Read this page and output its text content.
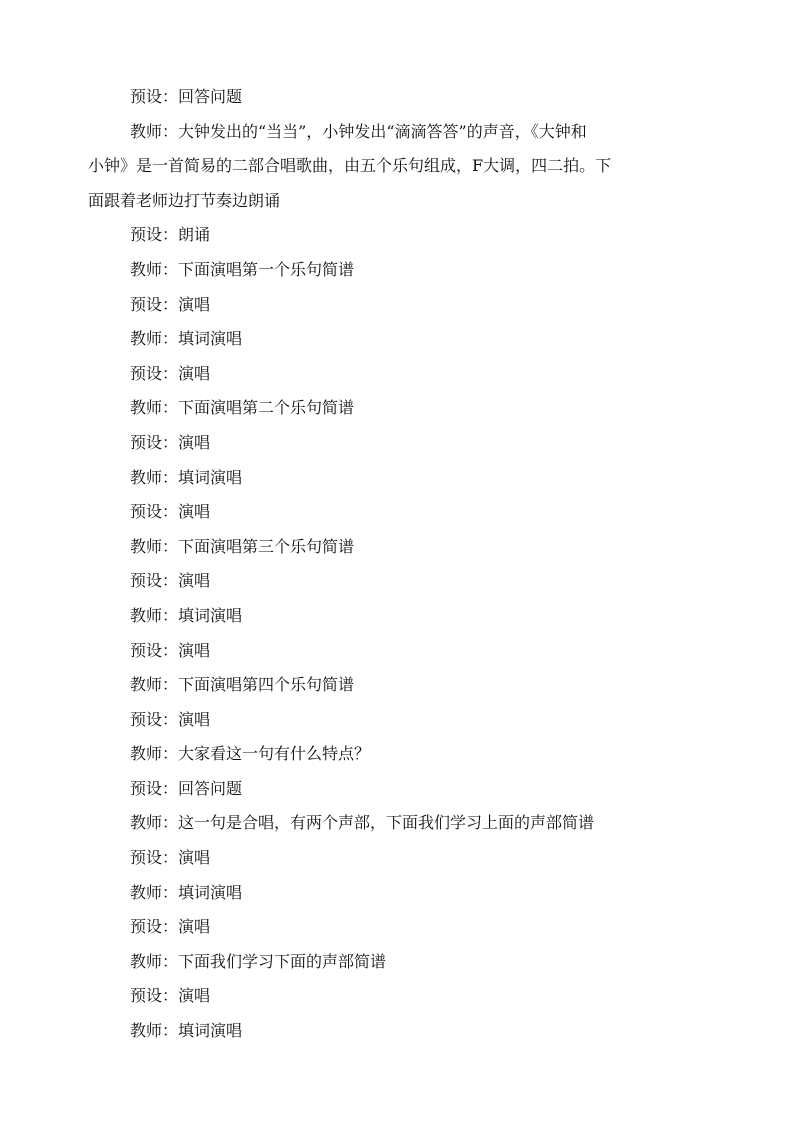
预设：回答问题
教师：大钟发出的“当当”，小钟发出“滴滴答答”的声音，《大钟和
小钟》是一首简易的二部合唱歌曲，由五个乐句组成，F大调，四二拍。下
面跟着老师边打节奏边朗诵
预设：朗诵
教师：下面演唱第一个乐句简谱
预设：演唱
教师：填词演唱
预设：演唱
教师：下面演唱第二个乐句简谱
预设：演唱
教师：填词演唱
预设：演唱
教师：下面演唱第三个乐句简谱
预设：演唱
教师：填词演唱
预设：演唱
教师：下面演唱第四个乐句简谱
预设：演唱
教师：大家看这一句有什么特点？
预设：回答问题
教师：这一句是合唱，有两个声部，下面我们学习上面的声部简谱
预设：演唱
教师：填词演唱
预设：演唱
教师：下面我们学习下面的声部简谱
预设：演唱
教师：填词演唱
